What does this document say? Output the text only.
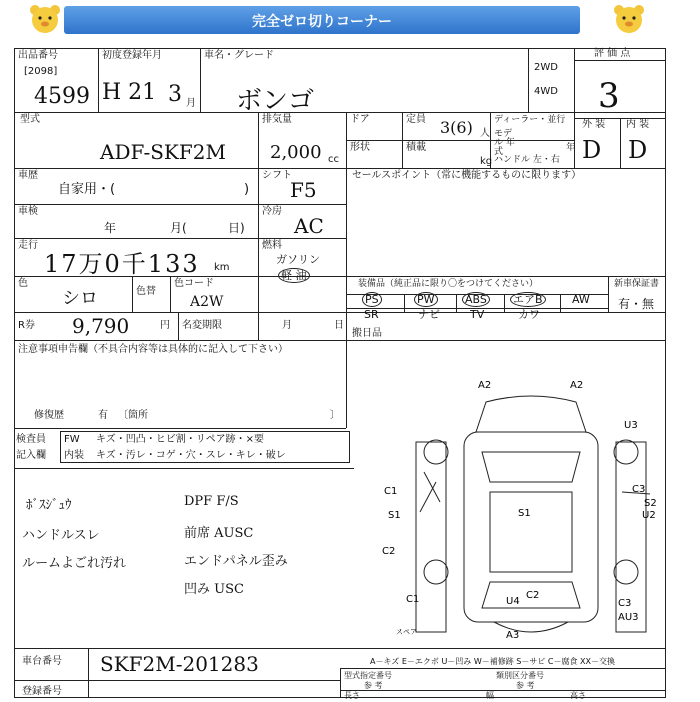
完全ゼロ切りコーナー
出品番号
[2098]
4599
初度登録年月
H 21 3 月
車名・グレード
ボンゴ
2WD
4WD
評 価 点
3
外 装 内 装
D D
型式
ADF-SKF2M
排気量
2,000 cc
ドア	定員 3(6) 人
ディーラー・並行
形状	積載
kg
モデル 年式	年
ハンドル 左・右
車歴
自家用・(	)
シフト
F5
車検
年	月(	日)
冷房
AC
走行
17万0千133 km
燃料
ガソリン
軽 油
色
シロ	色替
色コード
A2W
R券 9,790	円 名変期限	月	日
セールスポイント（常に機能するものに限ります）
装備品（純正品に限り〇をつけてください）	新車保証書
有・無
PS	PW	ABS エアB	AW
SR	ナビ	TV	カワ
搬日品
注意事項申告欄（不具合内容等は具体的に記入して下さい）
修復歴	有 〔箇所	〕
検査員 FW キズ・凹凸・ヒビ割・リペア跡・×要
記入欄 内装 キズ・汚レ・コゲ・穴・スレ・キレ・破レ
ﾎﾞｽｼﾞｭｳ
ハンドルスレ
ルームよごれ汚れ
DPF F/S
前席 AUSC
エンドパネル歪み
凹み USC
A2	A2
U3
C1
S1	S1
C3
S2
U2
C2
C1	U4
C2
C3
AU3
A3
スペア
A－キズ E－エクボ U－凹み W－補修跡 S－サビ C－腐食 XX－交換
車台番号 SKF2M-201283
登録番号
型式指定番号
参 考
類別区分番号
参 考
長さ	幅	高さ
